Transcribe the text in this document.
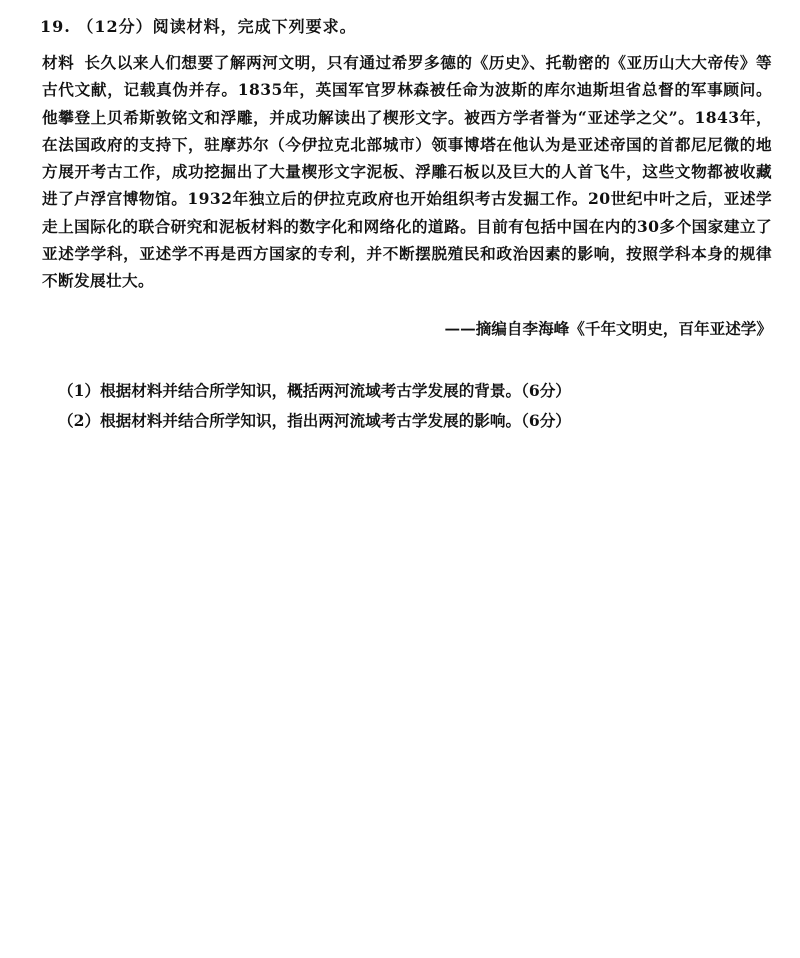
19. （12分）阅读材料，完成下列要求。
材料 长久以来人们想要了解两河文明，只有通过希罗多德的《历史》、托勒密的《亚历山大大帝传》等古代文献，记载真伪并存。1835年，英国军官罗林森被任命为波斯的库尔迪斯坦省总督的军事顾问。他攀登上贝希斯敦铭文和浮雕，并成功解读出了楔形文字。被西方学者誉为“亚述学之父”。1843年，在法国政府的支持下，驻摩苏尔（今伊拉克北部城市）领事博塔在他认为是亚述帝国的首都尼尼微的地方展开考古工作，成功挖掘出了大量楔形文字泥板、浮雕石板以及巨大的人首飞牛，这些文物都被收藏进了卢浮宫博物馆。1932年独立后的伊拉克政府也开始组织考古发掘工作。20世纪中叶之后，亚述学走上国际化的联合研究和泥板材料的数字化和网络化的道路。目前有包括中国在内的30多个国家建立了亚述学学科，亚述学不再是西方国家的专利，并不断摆脱殖民和政治因素的影响，按照学科本身的规律不断发展壮大。
——摘编自李海峰《千年文明史，百年亚述学》
（1）根据材料并结合所学知识，概括两河流域考古学发展的背景。（6分）
（2）根据材料并结合所学知识，指出两河流域考古学发展的影响。（6分）
